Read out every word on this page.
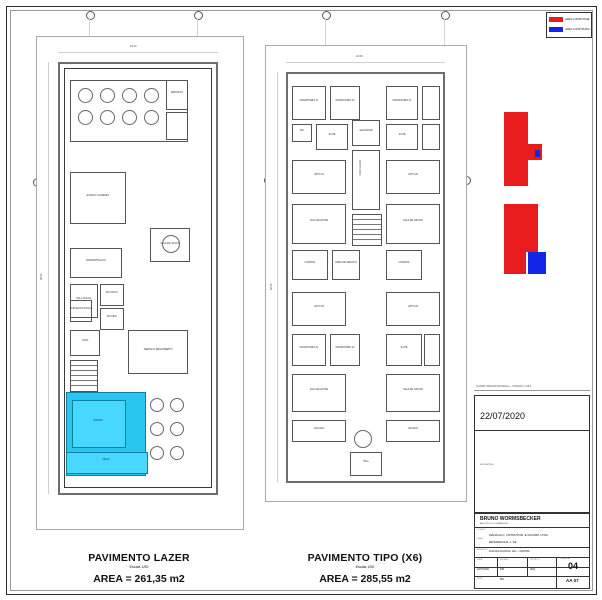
DEPOSITO
ESPACO GOURMET
SALA DE JOGOS
ADMINISTRACAO
HALL SOCIAL
ELEVADOR SOCIAL
WC MASC.
WC FEM.
COPA
TERRACO DESCOBERTO
PISCINA
DECK
10.00
28.40
PAVIMENTO LAZER
Escala 1/50
AREA = 261,35 m2
CIRCULACAO
ELEVADOR
DORMITORIO 01	DORMITORIO 02
WC
SUITE
DORMITORIO 01
SUITE
APTO 01	APTO 02
SALA DE ESTAR	SALA DE JANTAR
COZINHA	AREA DE SERVICO	COZINHA
APTO 03	APTO 04
DORMITORIO 01	DORMITORIO 02	SUITE
SALA DE ESTAR	SALA DE JANTAR
SACADA	SACADA
HALL
10.00
28.40
PAVIMENTO TIPO (X6)
Escala 1/50
AREA = 285,55 m2
AREA COMPUTAVEL
AREA CONSTRUIDA
22/07/2020
anotações
QUADRO RESUMO DE AREAS — PRANCHA 4 DE 6
BRUNO WORMSBECKER
ARQUITETO E URBANISTA
CLIENTE
MANAUA C. NSTRUTOR. E INCORP. LTDA
OBRA
RESIDENCIAL L 'AZ
ENDEREÇO RUA DAS ACACIAS, 120 — CENTRO
DATA
22/07/2020
ESCALA
IND.
PROJETO
ARQ.
RESP.	BW
PRANCHA
04
AA 07
